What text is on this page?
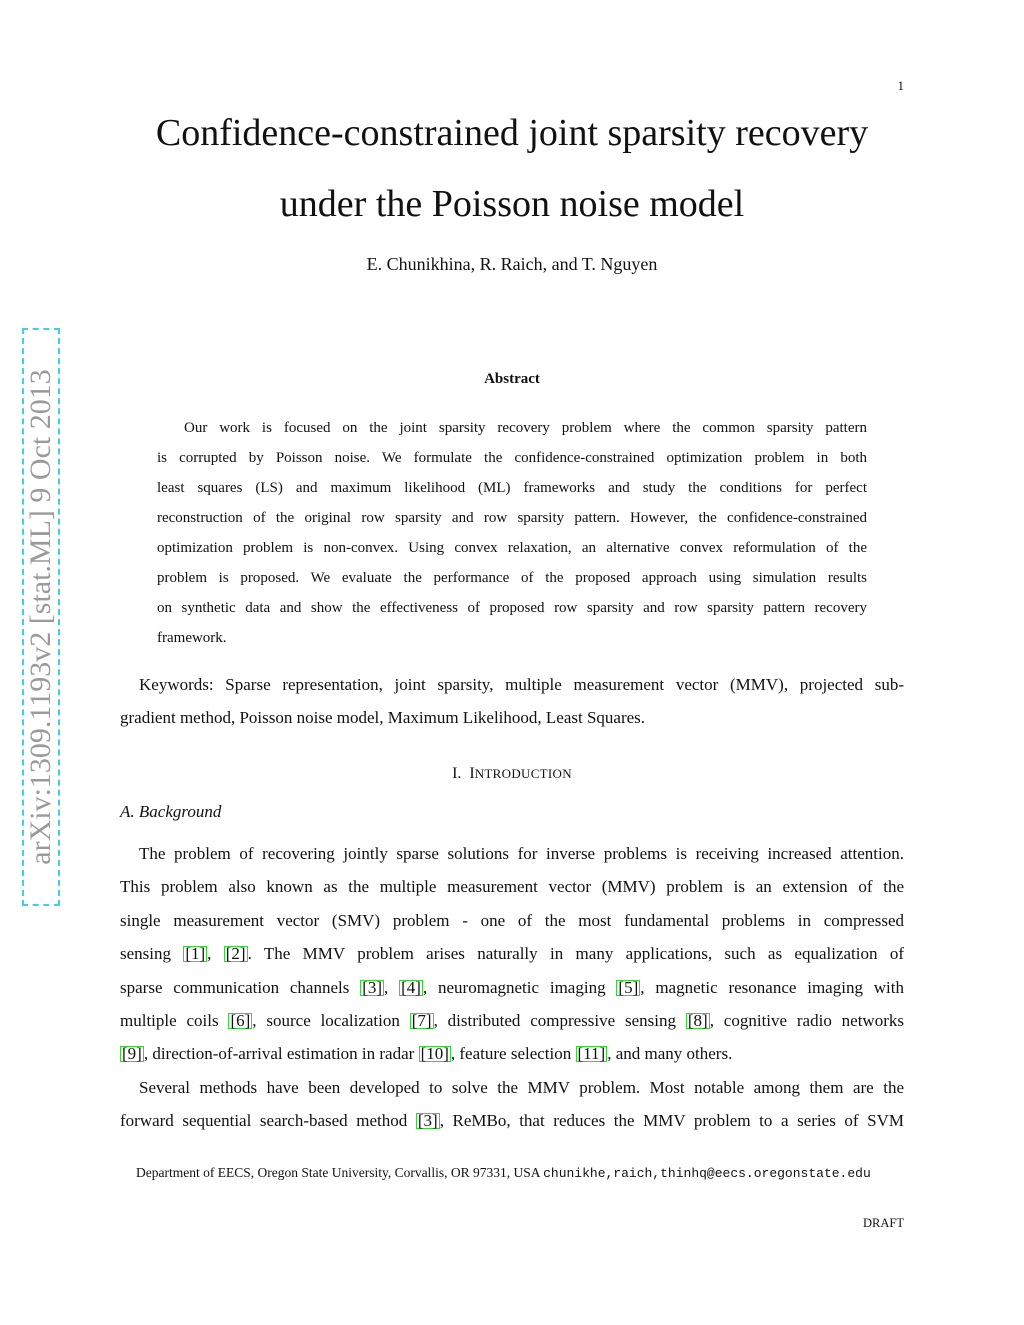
1
Confidence-constrained joint sparsity recovery
under the Poisson noise model
E. Chunikhina, R. Raich, and T. Nguyen
arXiv:1309.1193v2 [stat.ML] 9 Oct 2013	Abstract
Our work is focused on the joint sparsity recovery problem where the common sparsity pattern
is corrupted by Poisson noise. We formulate the confidence-constrained optimization problem in both
least squares (LS) and maximum likelihood (ML) frameworks and study the conditions for perfect
reconstruction of the original row sparsity and row sparsity pattern. However, the confidence-constrained
optimization problem is non-convex. Using convex relaxation, an alternative convex reformulation of the
problem is proposed. We evaluate the performance of the proposed approach using simulation results
on synthetic data and show the effectiveness of proposed row sparsity and row sparsity pattern recovery
framework.
Keywords: Sparse representation, joint sparsity, multiple measurement vector (MMV), projected sub-
gradient method, Poisson noise model, Maximum Likelihood, Least Squares.
I. INTRODUCTION
A. Background
The problem of recovering jointly sparse solutions for inverse problems is receiving increased attention.
This problem also known as the multiple measurement vector (MMV) problem is an extension of the
single measurement vector (SMV) problem - one of the most fundamental problems in compressed
sensing [1] , [2] . The MMV problem arises naturally in many applications, such as equalization of
sparse communication channels [3] , [4] , neuromagnetic imaging [5] , magnetic resonance imaging with
multiple coils [6] , source localization [7] , distributed compressive sensing [8] , cognitive radio networks
[9] , direction-of-arrival estimation in radar [10] , feature selection [11] , and many others.
Several methods have been developed to solve the MMV problem. Most notable among them are the
forward sequential search-based method [3] , ReMBo, that reduces the MMV problem to a series of SVM
Department of EECS, Oregon State University, Corvallis, OR 97331, USA chunikhe,raich,thinhq@eecs.oregonstate.edu
DRAFT
